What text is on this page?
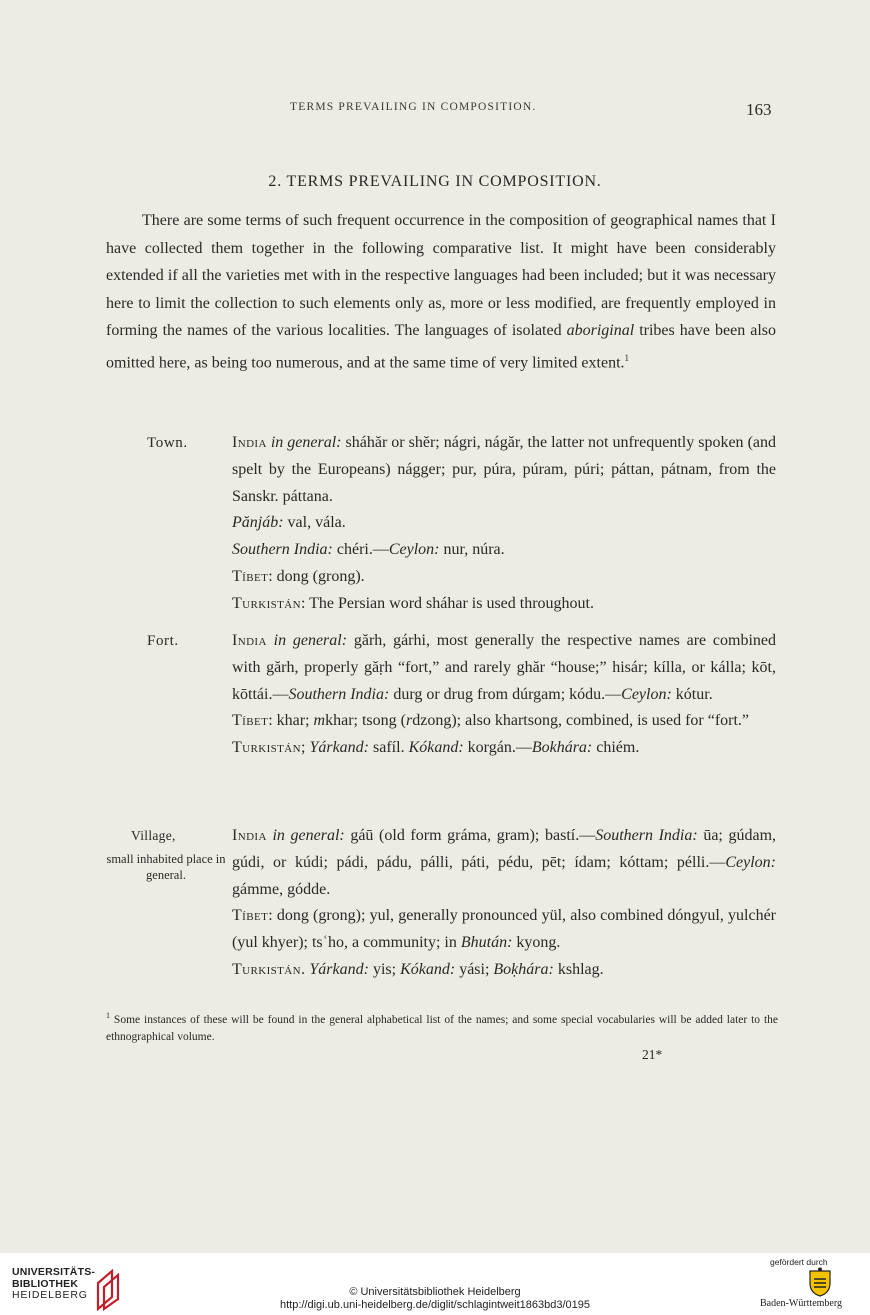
TERMS PREVAILING IN COMPOSITION.	163
2. TERMS PREVAILING IN COMPOSITION.
There are some terms of such frequent occurrence in the composition of geographical names that I have collected them together in the following comparative list. It might have been considerably extended if all the varieties met with in the respective languages had been included; but it was necessary here to limit the collection to such elements only as, more or less modified, are frequently employed in forming the names of the various localities. The languages of isolated aboriginal tribes have been also omitted here, as being too numerous, and at the same time of very limited extent.$^1$
Town.	India in general: sháhăr or shĕr; nágri, nágăr, the latter not unfrequently spoken (and spelt by the Europeans) nágger; pur, púra, púram, púri; páttan, pátnam, from the Sanskr. páttana.

Pănjáb: val, vála.

Southern India: chéri.—Ceylon: nur, núra.

Tíbet: dong (grong).

Turkistán: The Persian word sháhar is used throughout.

Fort.	India in general: gărh, gárhi, most generally the respective names are combined with gărh, properly găṛh “fort,” and rarely ghăr “house;” hisár; kílla, or kálla; kōt, kōttái.—Southern India: durg or drug from dúrgam; kódu.—Ceylon: kótur.

Tíbet: khar; mkhar; tsong (rdzong); also khartsong, combined, is used for “fort.”

Turkistán; Yárkand: safíl. Kókand: korgán.—Bokhára: chiém.

Village,
small inhabited place in general.

India in general: gáū (old form gráma, gram); bastí.—Southern India: ūa; gúdam, gúdi, or kúdi; pádi, pádu, pálli, páti, pédu, pēt; ídam; kóttam; pélli.—Ceylon: gámme, gódde.

Tíbet: dong (grong); yul, generally pronounced yül, also combined dóngyul, yulchér (yul khyer); tsʿho, a community; in Bhután: kyong.

Turkistán. Yárkand: yis; Kókand: yási; Boḳhára: kshlag.

$^1$ Some instances of these will be found in the general alphabetical list of the names; and some special vocabularies will be added later to the ethnographical volume.
21*
UNIVERSITÄTS-
BIBLIOTHEK
HEIDELBERG	© Universitätsbibliothek Heidelberg
http://digi.ub.uni-heidelberg.de/diglit/schlagintweit1863bd3/0195
gefördert durch
Baden-Württemberg
